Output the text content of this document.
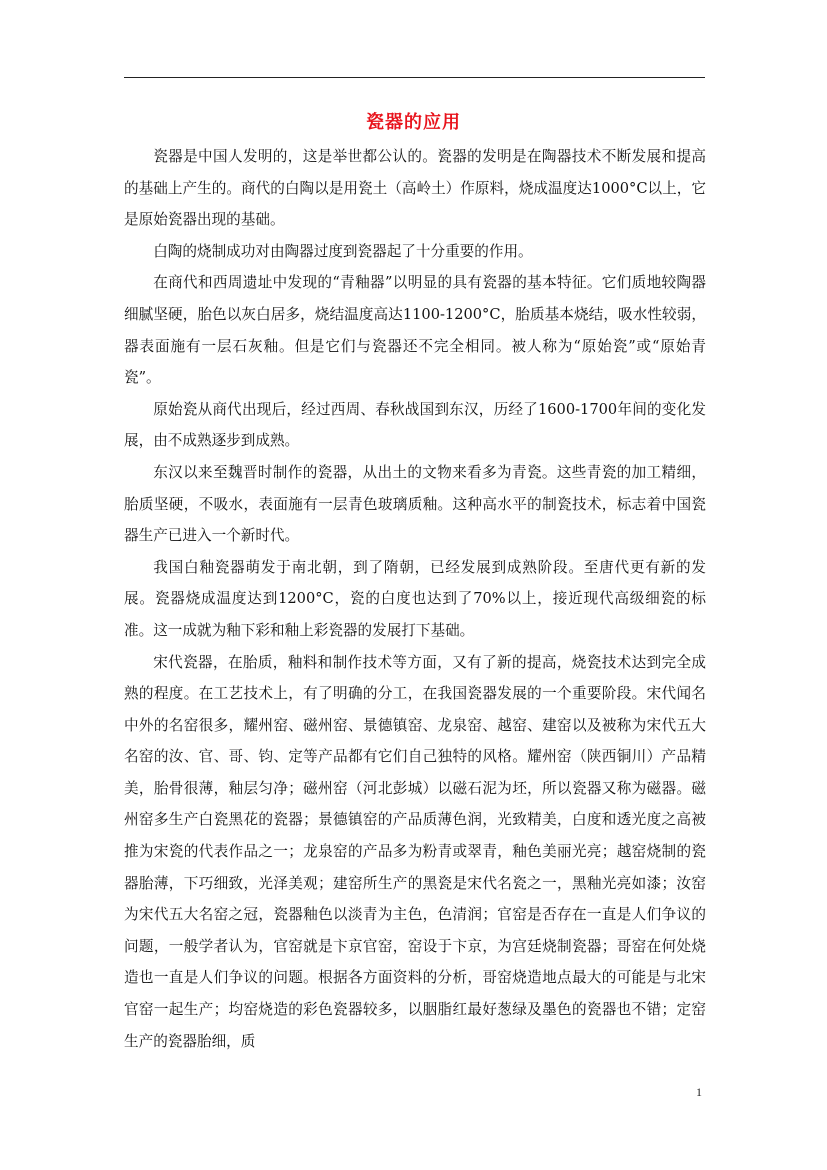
瓷器的应用

瓷器是中国人发明的，这是举世都公认的。瓷器的发明是在陶器技术不断发展和提高的基础上产生的。商代的白陶以是用瓷土（高岭土）作原料，烧成温度达1000°C以上，它是原始瓷器出现的基础。

白陶的烧制成功对由陶器过度到瓷器起了十分重要的作用。

在商代和西周遗址中发现的“青釉器”以明显的具有瓷器的基本特征。它们质地较陶器细腻坚硬，胎色以灰白居多，烧结温度高达1100-1200°C，胎质基本烧结，吸水性较弱，器表面施有一层石灰釉。但是它们与瓷器还不完全相同。被人称为“原始瓷”或“原始青瓷”。

原始瓷从商代出现后，经过西周、春秋战国到东汉，历经了1600-1700年间的变化发展，由不成熟逐步到成熟。

东汉以来至魏晋时制作的瓷器，从出土的文物来看多为青瓷。这些青瓷的加工精细，胎质坚硬，不吸水，表面施有一层青色玻璃质釉。这种高水平的制瓷技术，标志着中国瓷器生产已进入一个新时代。

我国白釉瓷器萌发于南北朝，到了隋朝，已经发展到成熟阶段。至唐代更有新的发展。瓷器烧成温度达到1200°C，瓷的白度也达到了70%以上，接近现代高级细瓷的标准。这一成就为釉下彩和釉上彩瓷器的发展打下基础。

宋代瓷器，在胎质，釉料和制作技术等方面，又有了新的提高，烧瓷技术达到完全成熟的程度。在工艺技术上，有了明确的分工，在我国瓷器发展的一个重要阶段。宋代闻名中外的名窑很多，耀州窑、磁州窑、景德镇窑、龙泉窑、越窑、建窑以及被称为宋代五大名窑的汝、官、哥、钧、定等产品都有它们自己独特的风格。耀州窑（陕西铜川）产品精美，胎骨很薄，釉层匀净；磁州窑（河北彭城）以磁石泥为坯，所以瓷器又称为磁器。磁州窑多生产白瓷黑花的瓷器；景德镇窑的产品质薄色润，光致精美，白度和透光度之高被推为宋瓷的代表作品之一；龙泉窑的产品多为粉青或翠青，釉色美丽光亮；越窑烧制的瓷器胎薄，下巧细致，光泽美观；建窑所生产的黑瓷是宋代名瓷之一，黑釉光亮如漆；汝窑为宋代五大名窑之冠，瓷器釉色以淡青为主色，色清润；官窑是否存在一直是人们争议的问题，一般学者认为，官窑就是卞京官窑，窑设于卞京，为宫廷烧制瓷器；哥窑在何处烧造也一直是人们争议的问题。根据各方面资料的分析，哥窑烧造地点最大的可能是与北宋官窑一起生产；均窑烧造的彩色瓷器较多，以胭脂红最好葱绿及墨色的瓷器也不错；定窑生产的瓷器胎细，质

1
